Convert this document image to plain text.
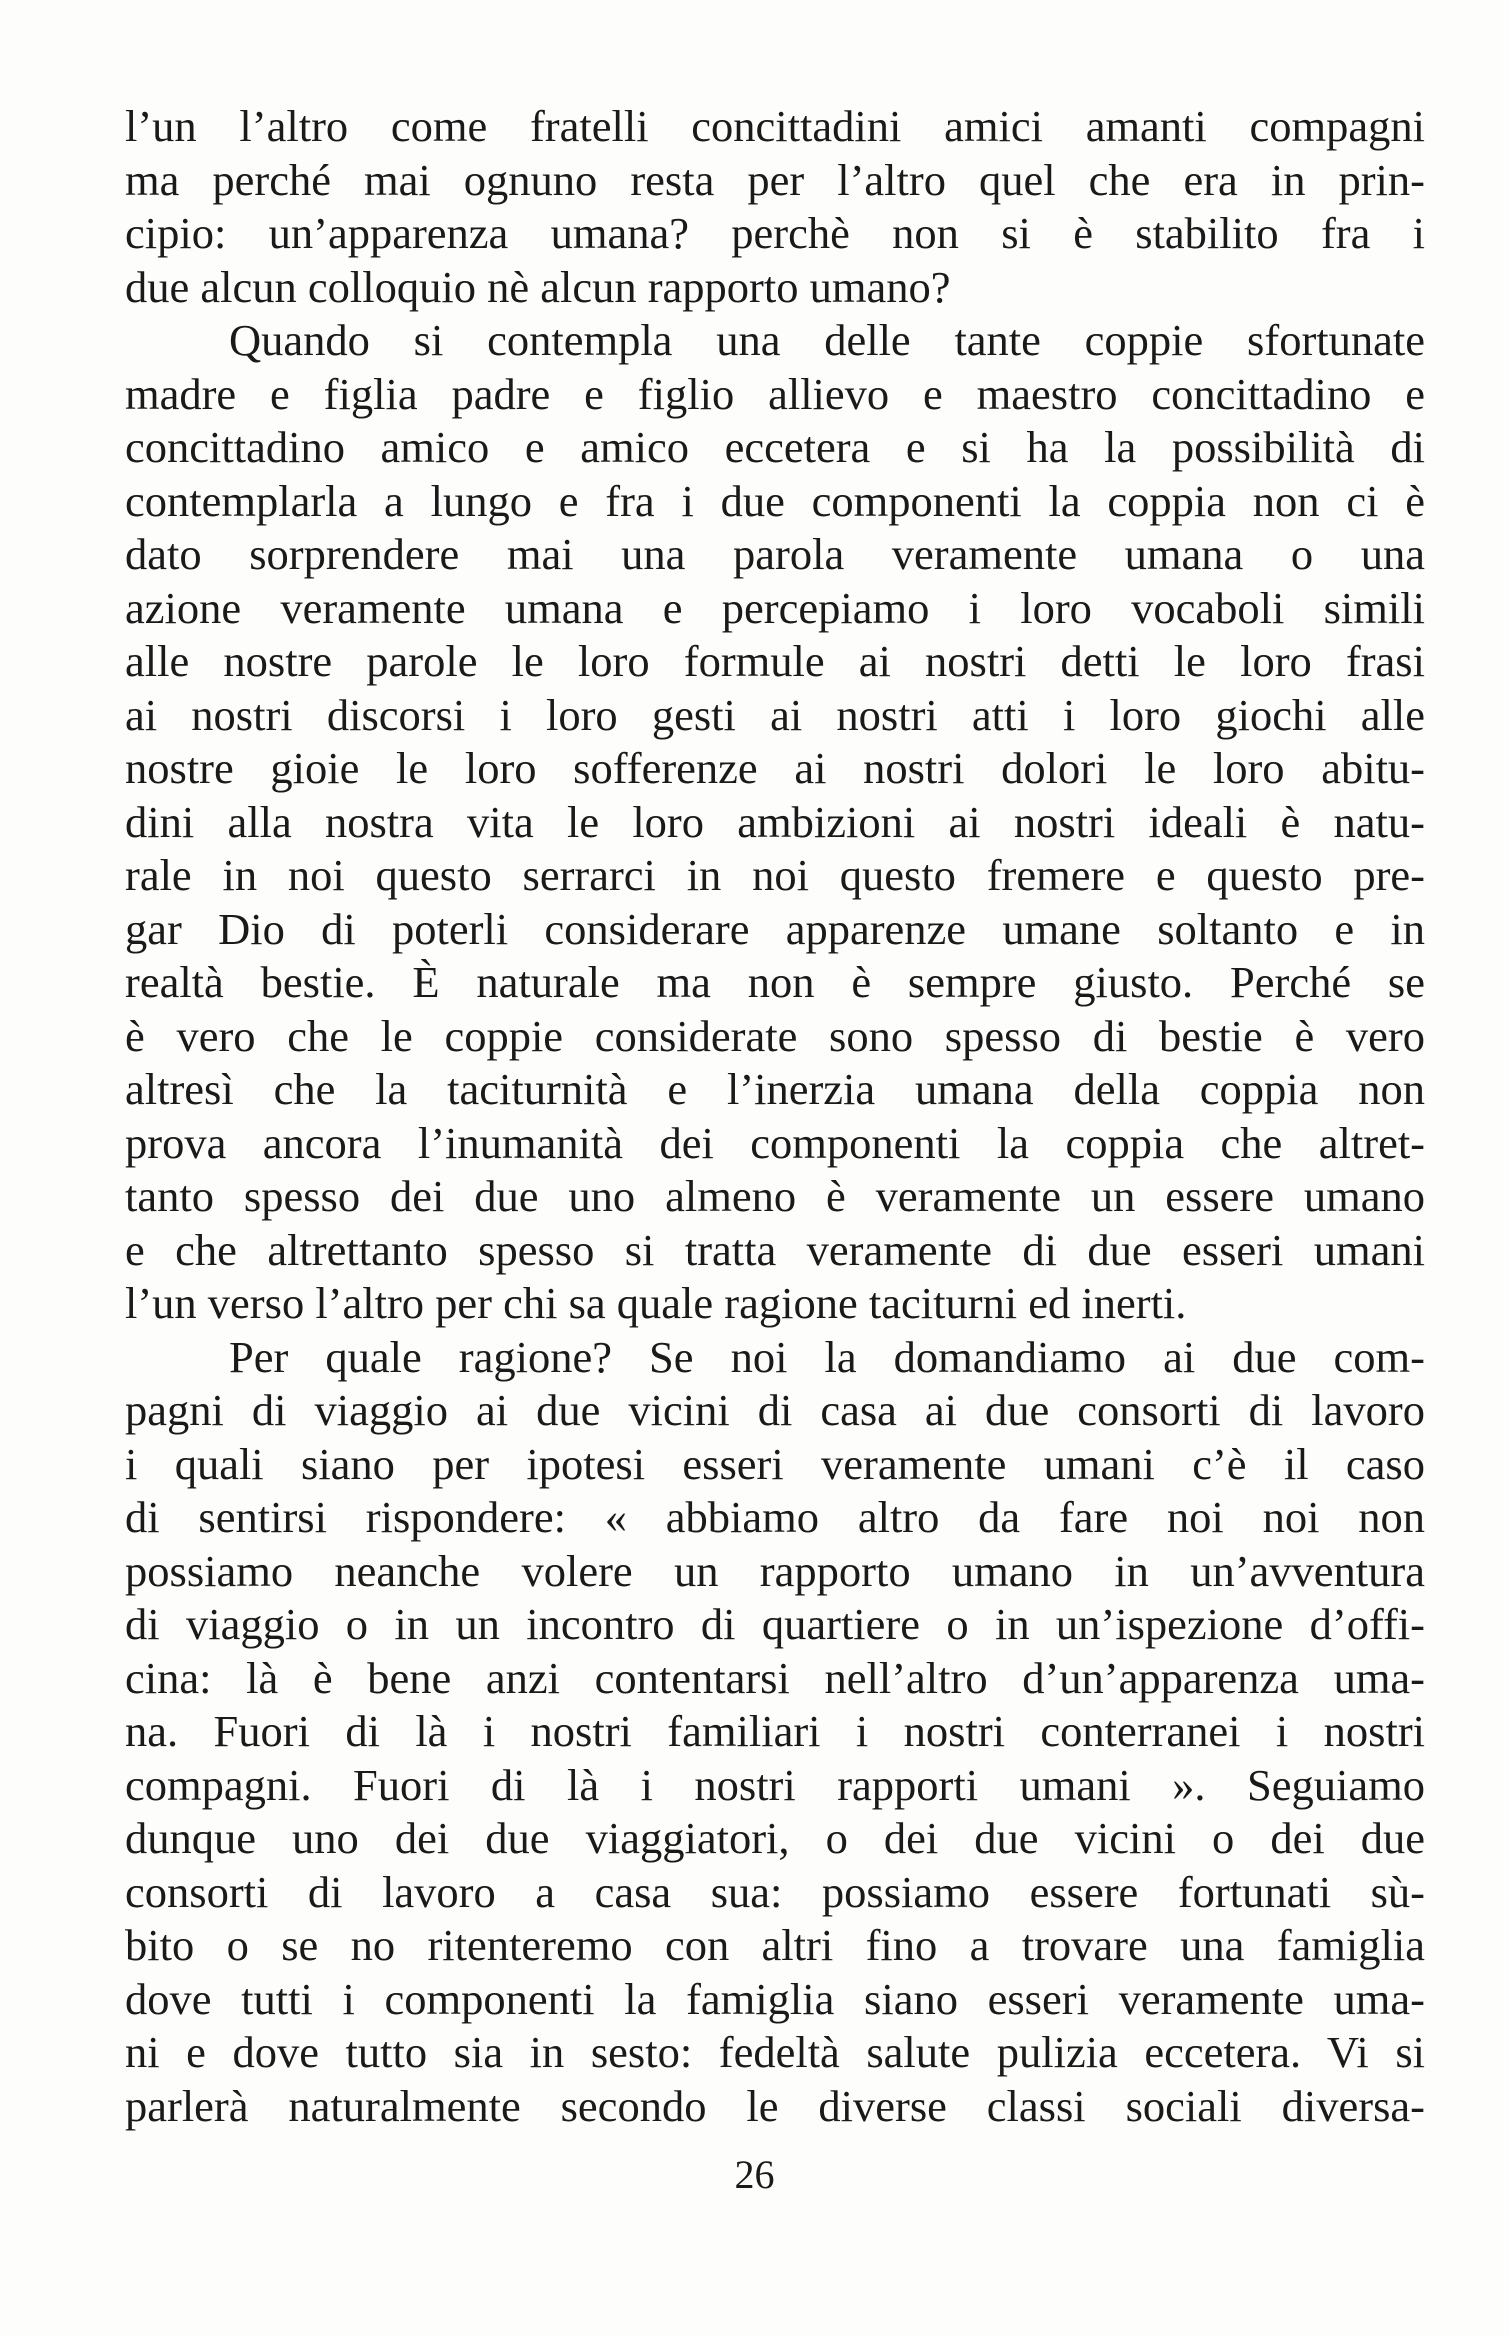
l’un l’altro come fratelli concittadini amici amanti compagni
ma perché mai ognuno resta per l’altro quel che era in prin-
cipio: un’apparenza umana? perchè non si è stabilito fra i
due alcun colloquio nè alcun rapporto umano?
Quando si contempla una delle tante coppie sfortunate
madre e figlia padre e figlio allievo e maestro concittadino e
concittadino amico e amico eccetera e si ha la possibilità di
contemplarla a lungo e fra i due componenti la coppia non ci è
dato sorprendere mai una parola veramente umana o una
azione veramente umana e percepiamo i loro vocaboli simili
alle nostre parole le loro formule ai nostri detti le loro frasi
ai nostri discorsi i loro gesti ai nostri atti i loro giochi alle
nostre gioie le loro sofferenze ai nostri dolori le loro abitu-
dini alla nostra vita le loro ambizioni ai nostri ideali è natu-
rale in noi questo serrarci in noi questo fremere e questo pre-
gar Dio di poterli considerare apparenze umane soltanto e in
realtà bestie. È naturale ma non è sempre giusto. Perché se
è vero che le coppie considerate sono spesso di bestie è vero
altresì che la taciturnità e l’inerzia umana della coppia non
prova ancora l’inumanità dei componenti la coppia che altret-
tanto spesso dei due uno almeno è veramente un essere umano
e che altrettanto spesso si tratta veramente di due esseri umani
l’un verso l’altro per chi sa quale ragione taciturni ed inerti.
Per quale ragione? Se noi la domandiamo ai due com-
pagni di viaggio ai due vicini di casa ai due consorti di lavoro
i quali siano per ipotesi esseri veramente umani c’è il caso
di sentirsi rispondere: « abbiamo altro da fare noi noi non
possiamo neanche volere un rapporto umano in un’avventura
di viaggio o in un incontro di quartiere o in un’ispezione d’offi-
cina: là è bene anzi contentarsi nell’altro d’un’apparenza uma-
na. Fuori di là i nostri familiari i nostri conterranei i nostri
compagni. Fuori di là i nostri rapporti umani ». Seguiamo
dunque uno dei due viaggiatori, o dei due vicini o dei due
consorti di lavoro a casa sua: possiamo essere fortunati sù-
bito o se no ritenteremo con altri fino a trovare una famiglia
dove tutti i componenti la famiglia siano esseri veramente uma-
ni e dove tutto sia in sesto: fedeltà salute pulizia eccetera. Vi si
parlerà naturalmente secondo le diverse classi sociali diversa-
26
